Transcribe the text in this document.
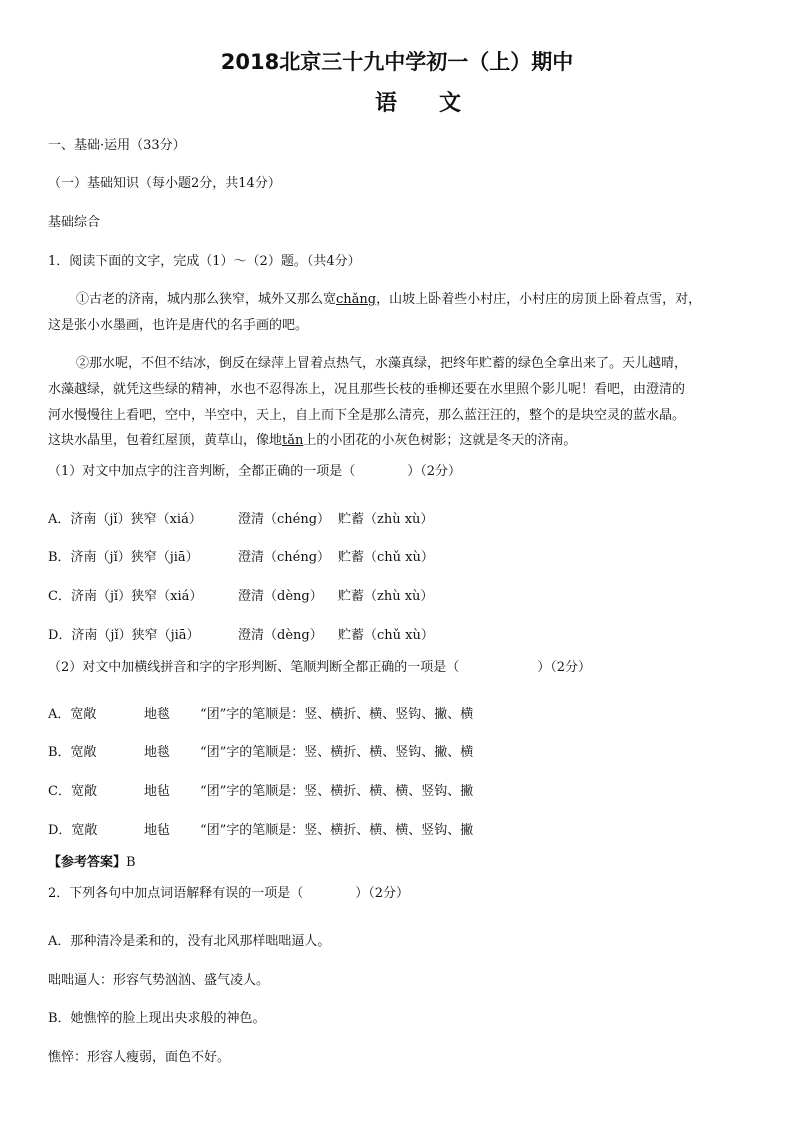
2018北京三十九中学初一（上）期中
语文
一、基础·运用（33分）
（一）基础知识（每小题2分，共14分）
基础综合
1．阅读下面的文字，完成（1）～（2）题。（共4分）
①古老的济南，城内那么狭窄，城外又那么宽chǎng，山坡上卧着些小村庄，小村庄的房顶上卧着点雪，对，
这是张小水墨画，也许是唐代的名手画的吧。
②那水呢，不但不结冰，倒反在绿萍上冒着点热气，水藻真绿，把终年贮蓄的绿色全拿出来了。天儿越晴，
水藻越绿，就凭这些绿的精神，水也不忍得冻上，况且那些长枝的垂柳还要在水里照个影儿呢！看吧，由澄清的
河水慢慢往上看吧，空中，半空中，天上，自上而下全是那么清亮，那么蓝汪汪的，整个的是块空灵的蓝水晶。
这块水晶里，包着红屋顶，黄草山，像地tǎn上的小团花的小灰色树影；这就是冬天的济南。
（1）对文中加点字的注音判断，全都正确的一项是（　　　　）（2分）
A．济南（jǐ）狭窄（xiá）	澄清（chéng） 贮蓄（zhù xù）
B．济南（jǐ）狭窄（jiā）	澄清（chéng） 贮蓄（chǔ xù）
C．济南（jǐ）狭窄（xiá）	澄清（dèng） 贮蓄（zhù xù）
D．济南（jǐ）狭窄（jiā）	澄清（dèng） 贮蓄（chǔ xù）
（2）对文中加横线拼音和字的字形判断、笔顺判断全都正确的一项是（　　　　　　）（2分）
A．宽敞	地毯 “团”字的笔顺是：竖、横折、横、竖钩、撇、横
B．宽敞	地毯 “团”字的笔顺是：竖、横折、横、竖钩、撇、横
C．宽敞	地毡 “团”字的笔顺是：竖、横折、横、横、竖钩、撇
D．宽敞	地毡 “团”字的笔顺是：竖、横折、横、横、竖钩、撇
【参考答案】B
2．下列各句中加点词语解释有误的一项是（　　　　）（2分）
A．那种清冷是柔和的，没有北风那样咄咄逼人。
咄咄逼人：形容气势汹汹、盛气凌人。
B．她憔悴的脸上现出央求般的神色。
憔悴：形容人瘦弱，面色不好。
